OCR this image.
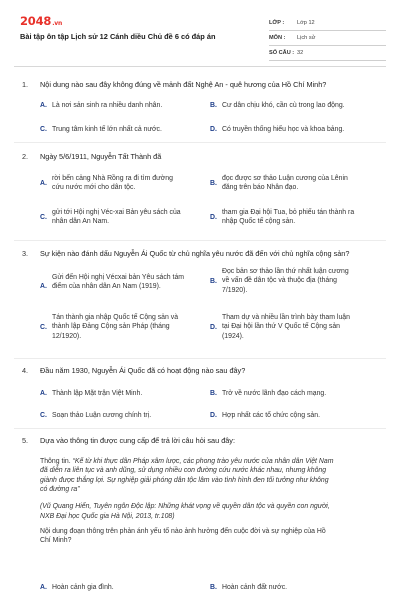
2048.vn
Bài tập ôn tập Lịch sử 12 Cánh diều Chủ đề 6 có đáp án
LỚP : Lớp 12
MÔN : Lịch sử
SỐ CÂU : 32
1. Nội dung nào sau đây không đúng về mảnh đất Nghệ An - quê hương của Hồ Chí Minh?
A. Là nơi sản sinh ra nhiều danh nhân.	B. Cư dân chịu khó, cần cù trong lao động.
C. Trung tâm kinh tế lớn nhất cả nước.	D. Có truyền thống hiếu học và khoa bảng.
2. Ngày 5/6/1911, Nguyễn Tất Thành đã
A.
rời bến cảng Nhà Rồng ra đi tìm đường
cứu nước mới cho dân tộc.
B.
đọc được sơ thảo Luận cương của Lênin
đăng trên báo Nhân đạo.
C.
gửi tới Hội nghị Véc-xai Bản yêu sách của
nhân dân An Nam.
D.
tham gia Đại hội Tua, bỏ phiếu tán thành ra
nhập Quốc tế cộng sản.
3. Sự kiện nào đánh dấu Nguyễn Ái Quốc từ chủ nghĩa yêu nước đã đến với chủ nghĩa cộng sản?
A.
Gửi đến Hội nghị Vécxai bản Yêu sách tám
điểm của nhân dân An Nam (1919).
B.
Đọc bản sơ thảo lần thứ nhất luận cương
về vấn đề dân tộc và thuộc địa (tháng
7/1920).
C.
Tán thành gia nhập Quốc tế Cộng sản và
thành lập Đảng Cộng sản Pháp (tháng
12/1920).
D.
Tham dự và nhiều lần trình bày tham luận
tại Đại hội lần thứ V Quốc tế Cộng sản
(1924).
4. Đầu năm 1930, Nguyễn Ái Quốc đã có hoạt động nào sau đây?
A. Thành lập Mặt trận Việt Minh.	B. Trở về nước lãnh đạo cách mạng.
C. Soạn thảo Luận cương chính trị.	D. Hợp nhất các tổ chức cộng sản.
5. Dựa vào thông tin được cung cấp để trả lời câu hỏi sau đây:
Thông tin. “Kế từ khi thực dân Pháp xâm lược, các phong trào yêu nước của nhân dân Việt Nam
đã diễn ra liên tục và anh dũng, sử dụng nhiều con đường cứu nước khác nhau, nhưng không
giành được thắng lợi. Sự nghiệp giải phóng dân tộc lâm vào tình hình đen tối tưởng như không
có đường ra”
(Vũ Quang Hiển, Tuyên ngôn Độc lập: Những khát vọng về quyền dân tộc và quyền con người,
NXB Đại học Quốc gia Hà Nội, 2013, tr.108)
Nội dung đoạn thông trên phản ánh yếu tố nào ảnh hưởng đến cuộc đời và sự nghiệp của Hồ
Chí Minh?
A. Hoàn cảnh gia đình.	B. Hoàn cảnh đất nước.
